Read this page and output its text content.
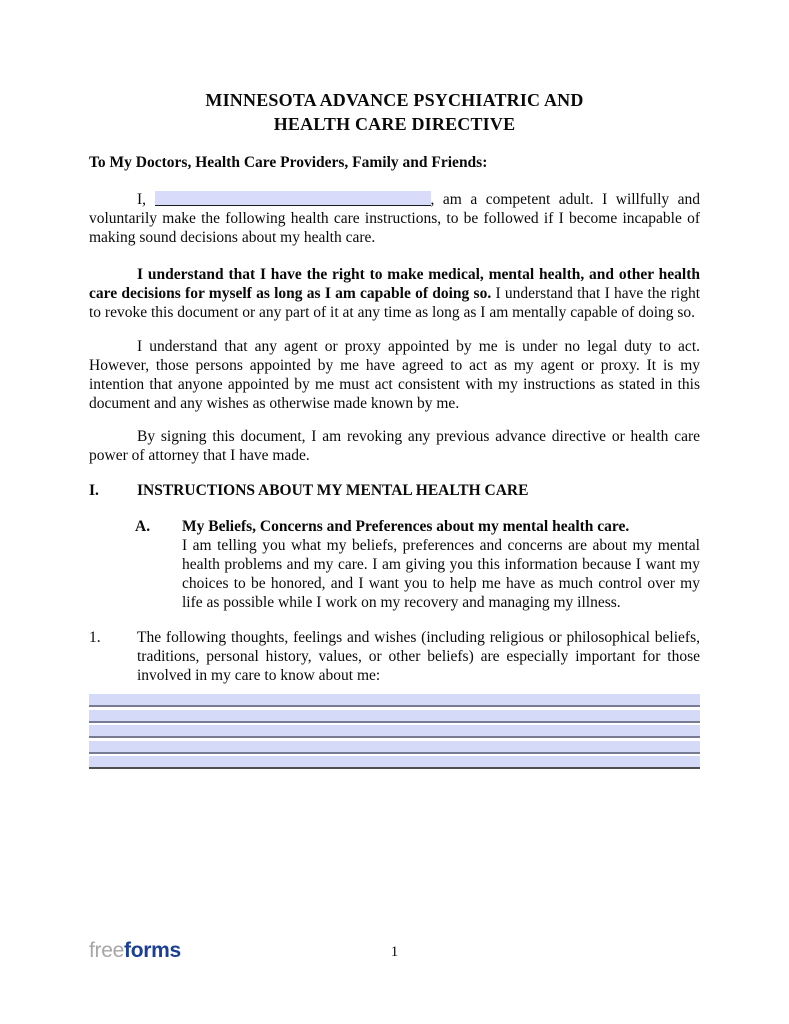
MINNESOTA ADVANCE PSYCHIATRIC AND
HEALTH CARE DIRECTIVE
To My Doctors, Health Care Providers, Family and Friends:

I,	, am a competent adult. I willfully and voluntarily make the following health care instructions, to be followed if I become incapable of making sound decisions about my health care.

I understand that I have the right to make medical, mental health, and other health care decisions for myself as long as I am capable of doing so. I understand that I have the right to revoke this document or any part of it at any time as long as I am mentally capable of doing so.

I understand that any agent or proxy appointed by me is under no legal duty to act. However, those persons appointed by me have agreed to act as my agent or proxy. It is my intention that anyone appointed by me must act consistent with my instructions as stated in this document and any wishes as otherwise made known by me.

By signing this document, I am revoking any previous advance directive or health care power of attorney that I have made.

I.	INSTRUCTIONS ABOUT MY MENTAL HEALTH CARE
A.	My Beliefs, Concerns and Preferences about my mental health care.
I am telling you what my beliefs, preferences and concerns are about my mental health problems and my care. I am giving you this information because I want my choices to be honored, and I want you to help me have as much control over my life as possible while I work on my recovery and managing my illness.
1.	The following thoughts, feelings and wishes (including religious or philosophical beliefs, traditions, personal history, values, or other beliefs) are especially important for those involved in my care to know about me:
freeforms	1
